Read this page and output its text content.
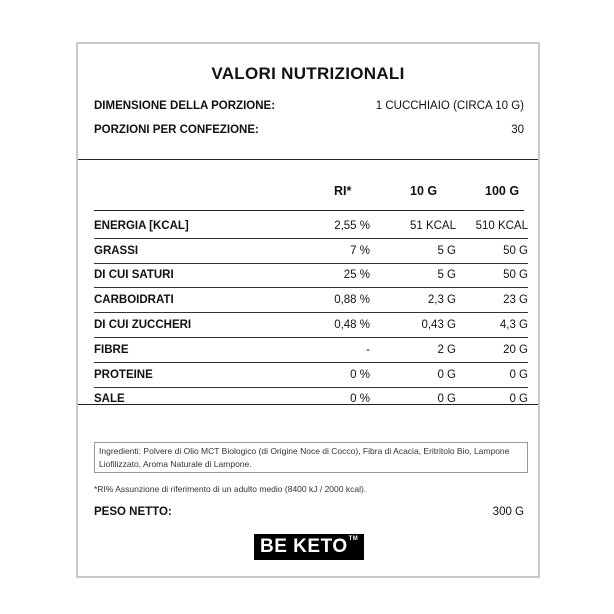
VALORI NUTRIZIONALI
DIMENSIONE DELLA PORZIONE:	1 CUCCHIAIO (CIRCA 10 G)
PORZIONI PER CONFEZIONE:	30
RI*	10 G	100 G
ENERGIA [KCAL]	2,55 %	51 KCAL	510 KCAL
GRASSI	7 %	5 G	50 G
DI CUI SATURI	25 %	5 G	50 G
CARBOIDRATI	0,88 %	2,3 G	23 G
DI CUI ZUCCHERI	0,48 %	0,43 G	4,3 G
FIBRE	-	2 G	20 G
PROTEINE	0 %	0 G	0 G
SALE	0 %	0 G	0 G
Ingredienti: Polvere di Olio MCT Biologico (di Origine Noce di Cocco), Fibra di Acacia, Eritritolo Bio, Lampone Liofilizzato, Aroma Naturale di Lampone.
*RI% Assunzione di riferimento di un adulto medio (8400 kJ / 2000 kcal).
PESO NETTO:	300 G
BE KETO™
